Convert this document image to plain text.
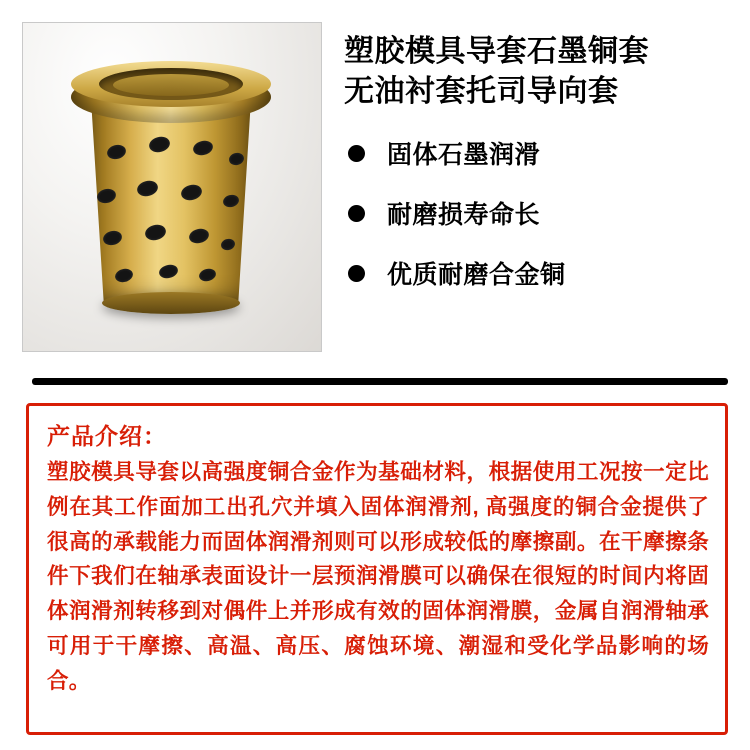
塑胶模具导套石墨铜套
无油衬套托司导向套
固体石墨润滑
耐磨损寿命长
优质耐磨合金铜
产品介绍：
塑胶模具导套以高强度铜合金作为基础材料，根据使用工况按一定比例在其工作面加工出孔穴并填入固体润滑剂, 高强度的铜合金提供了很高的承载能力而固体润滑剂则可以形成较低的摩擦副。在干摩擦条件下我们在轴承表面设计一层预润滑膜可以确保在很短的时间内将固体润滑剂转移到对偶件上并形成有效的固体润滑膜，金属自润滑轴承可用于干摩擦、高温、高压、腐蚀环境、潮湿和受化学品影响的场合。
